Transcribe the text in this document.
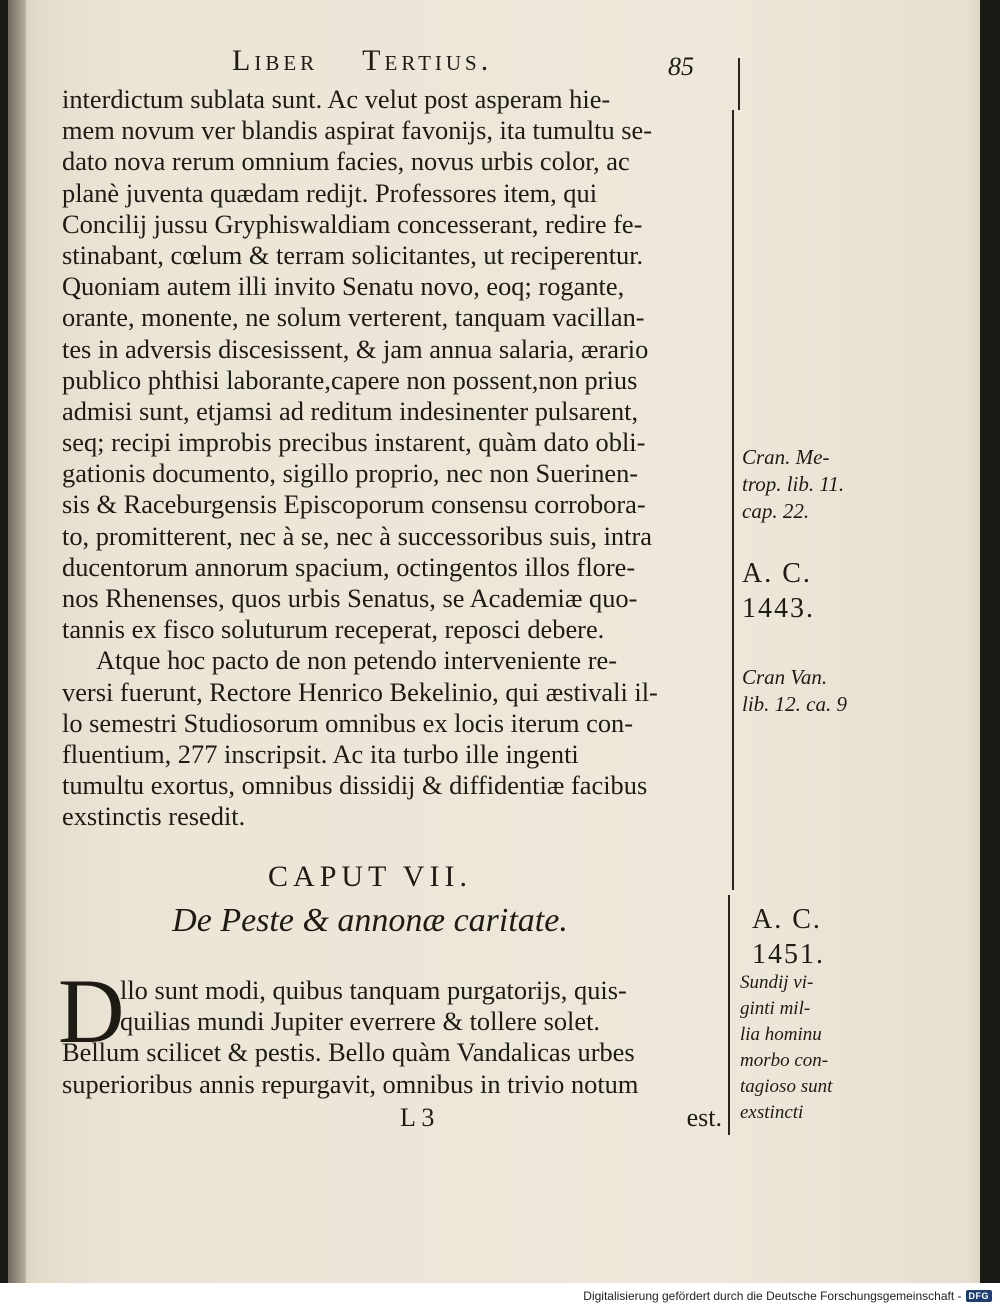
Liber Tertius.	85
interdictum sublata sunt. Ac velut post asperam hie-
mem novum ver blandis aspirat favonijs, ita tumultu se-
dato nova rerum omnium facies, novus urbis color, ac
planè juventa quædam redijt. Professores item, qui
Concilij jussu Gryphiswaldiam concesserant, redire fe-
stinabant, cœlum & terram solicitantes, ut reciperentur.
Quoniam autem illi invito Senatu novo, eoq; rogante,
orante, monente, ne solum verterent, tanquam vacillan-
tes in adversis discesissent, & jam annua salaria, ærario
publico phthisi laborante,capere non possent,non prius
admisi sunt, etjamsi ad reditum indesinenter pulsarent,
seq; recipi improbis precibus instarent, quàm dato obli-
gationis documento, sigillo proprio, nec non Suerinen-
sis & Raceburgensis Episcoporum consensu corrobora-
to, promitterent, nec à se, nec à successoribus suis, intra
ducentorum annorum spacium, octingentos illos flore-
nos Rhenenses, quos urbis Senatus, se Academiæ quo-
tannis ex fisco soluturum receperat, reposci debere.
Atque hoc pacto de non petendo interveniente re-
versi fuerunt, Rectore Henrico Bekelinio, qui æstivali il-
lo semestri Studiosorum omnibus ex locis iterum con-
fluentium, 277 inscripsit. Ac ita turbo ille ingenti
tumultu exortus, omnibus dissidij & diffidentiæ facibus
exstinctis resedit.
CAPUT VII.
De Peste & annonæ caritate.
D
llo sunt modi, quibus tanquam purgatorijs, quis-
quilias mundi Jupiter everrere & tollere solet.
Bellum scilicet & pestis. Bello quàm Vandalicas urbes
superioribus annis repurgavit, omnibus in trivio notum
L 3	est.
Cran. Me-
trop. lib. 11.
cap. 22.
A. C.
1443.
Cran Van.
lib. 12. ca. 9
A. C.
1451.
Sundij vi-
ginti mil-
lia hominu
morbo con-
tagioso sunt
exstincti
Digitalisierung gefördert durch die Deutsche Forschungsgemeinschaft - DFG
